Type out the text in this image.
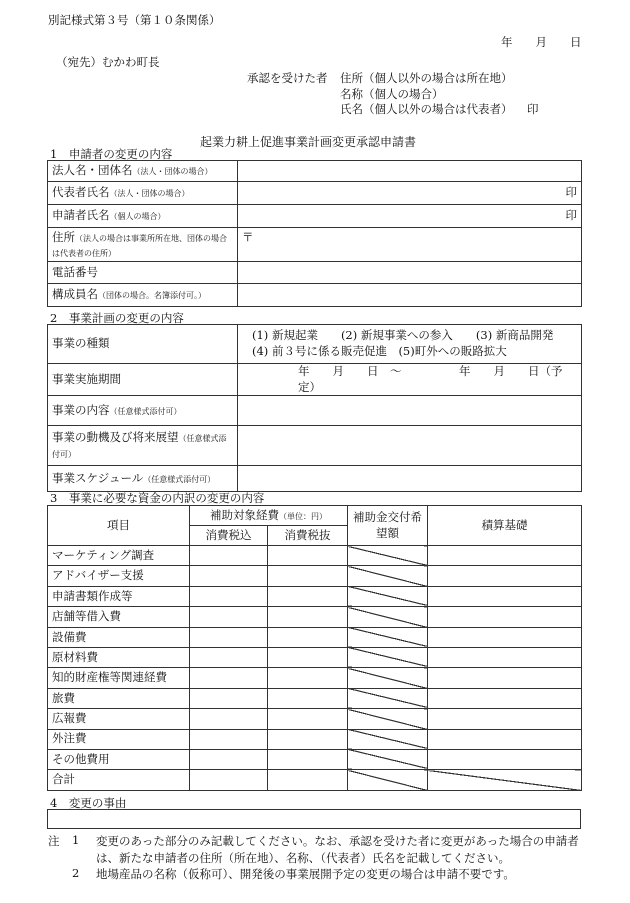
別記様式第３号（第１０条関係）
年　　月　　日
（宛先）むかわ町長
承認を受けた者 住所（個人以外の場合は所在地）
名称（個人の場合）
氏名（個人以外の場合は代表者） 印
起業力耕上促進事業計画変更承認申請書
1　申請者の変更の内容
法人名・団体名（法人・団体の場合）	
代表者氏名（法人・団体の場合）	印

申請者氏名（個人の場合）	印

住所（法人の場合は事業所所在地、団体の場合は代表者の住所）	〒
電話番号	
構成員名（団体の場合。名簿添付可。）	
2　事業計画の変更の内容
事業の種類	(1) 新規起業　　(2) 新規事業への参入　　(3) 新商品開発
(4) 前３号に係る販売促進　(5)町外への販路拡大

事業実施期間	年　　月　　日　～　　　　　年　　月　　日（予定）
事業の内容（任意様式添付可）	
事業の動機及び将来展望（任意様式添付可）	
事業スケジュール（任意様式添付可）	
3　事業に必要な資金の内訳の変更の内容
項目	補助対象経費（単位：円）		補助金交付希望額	積算基礎
	消費税込	消費税抜		
マーケティング調査				
アドバイザー支援				
申請書類作成等				
店舗等借入費				
設備費				
原材料費				
知的財産権等関連経費				
旅費				
広報費				
外注費				
その他費用				
合計				
4　変更の事由
注 1 変更のあった部分のみ記載してください。なお、承認を受けた者に変更があった場合の申請者は、新たな申請者の住所（所在地）、名称、（代表者）氏名を記載してください。
2 地場産品の名称（仮称可）、開発後の事業展開予定の変更の場合は申請不要です。
